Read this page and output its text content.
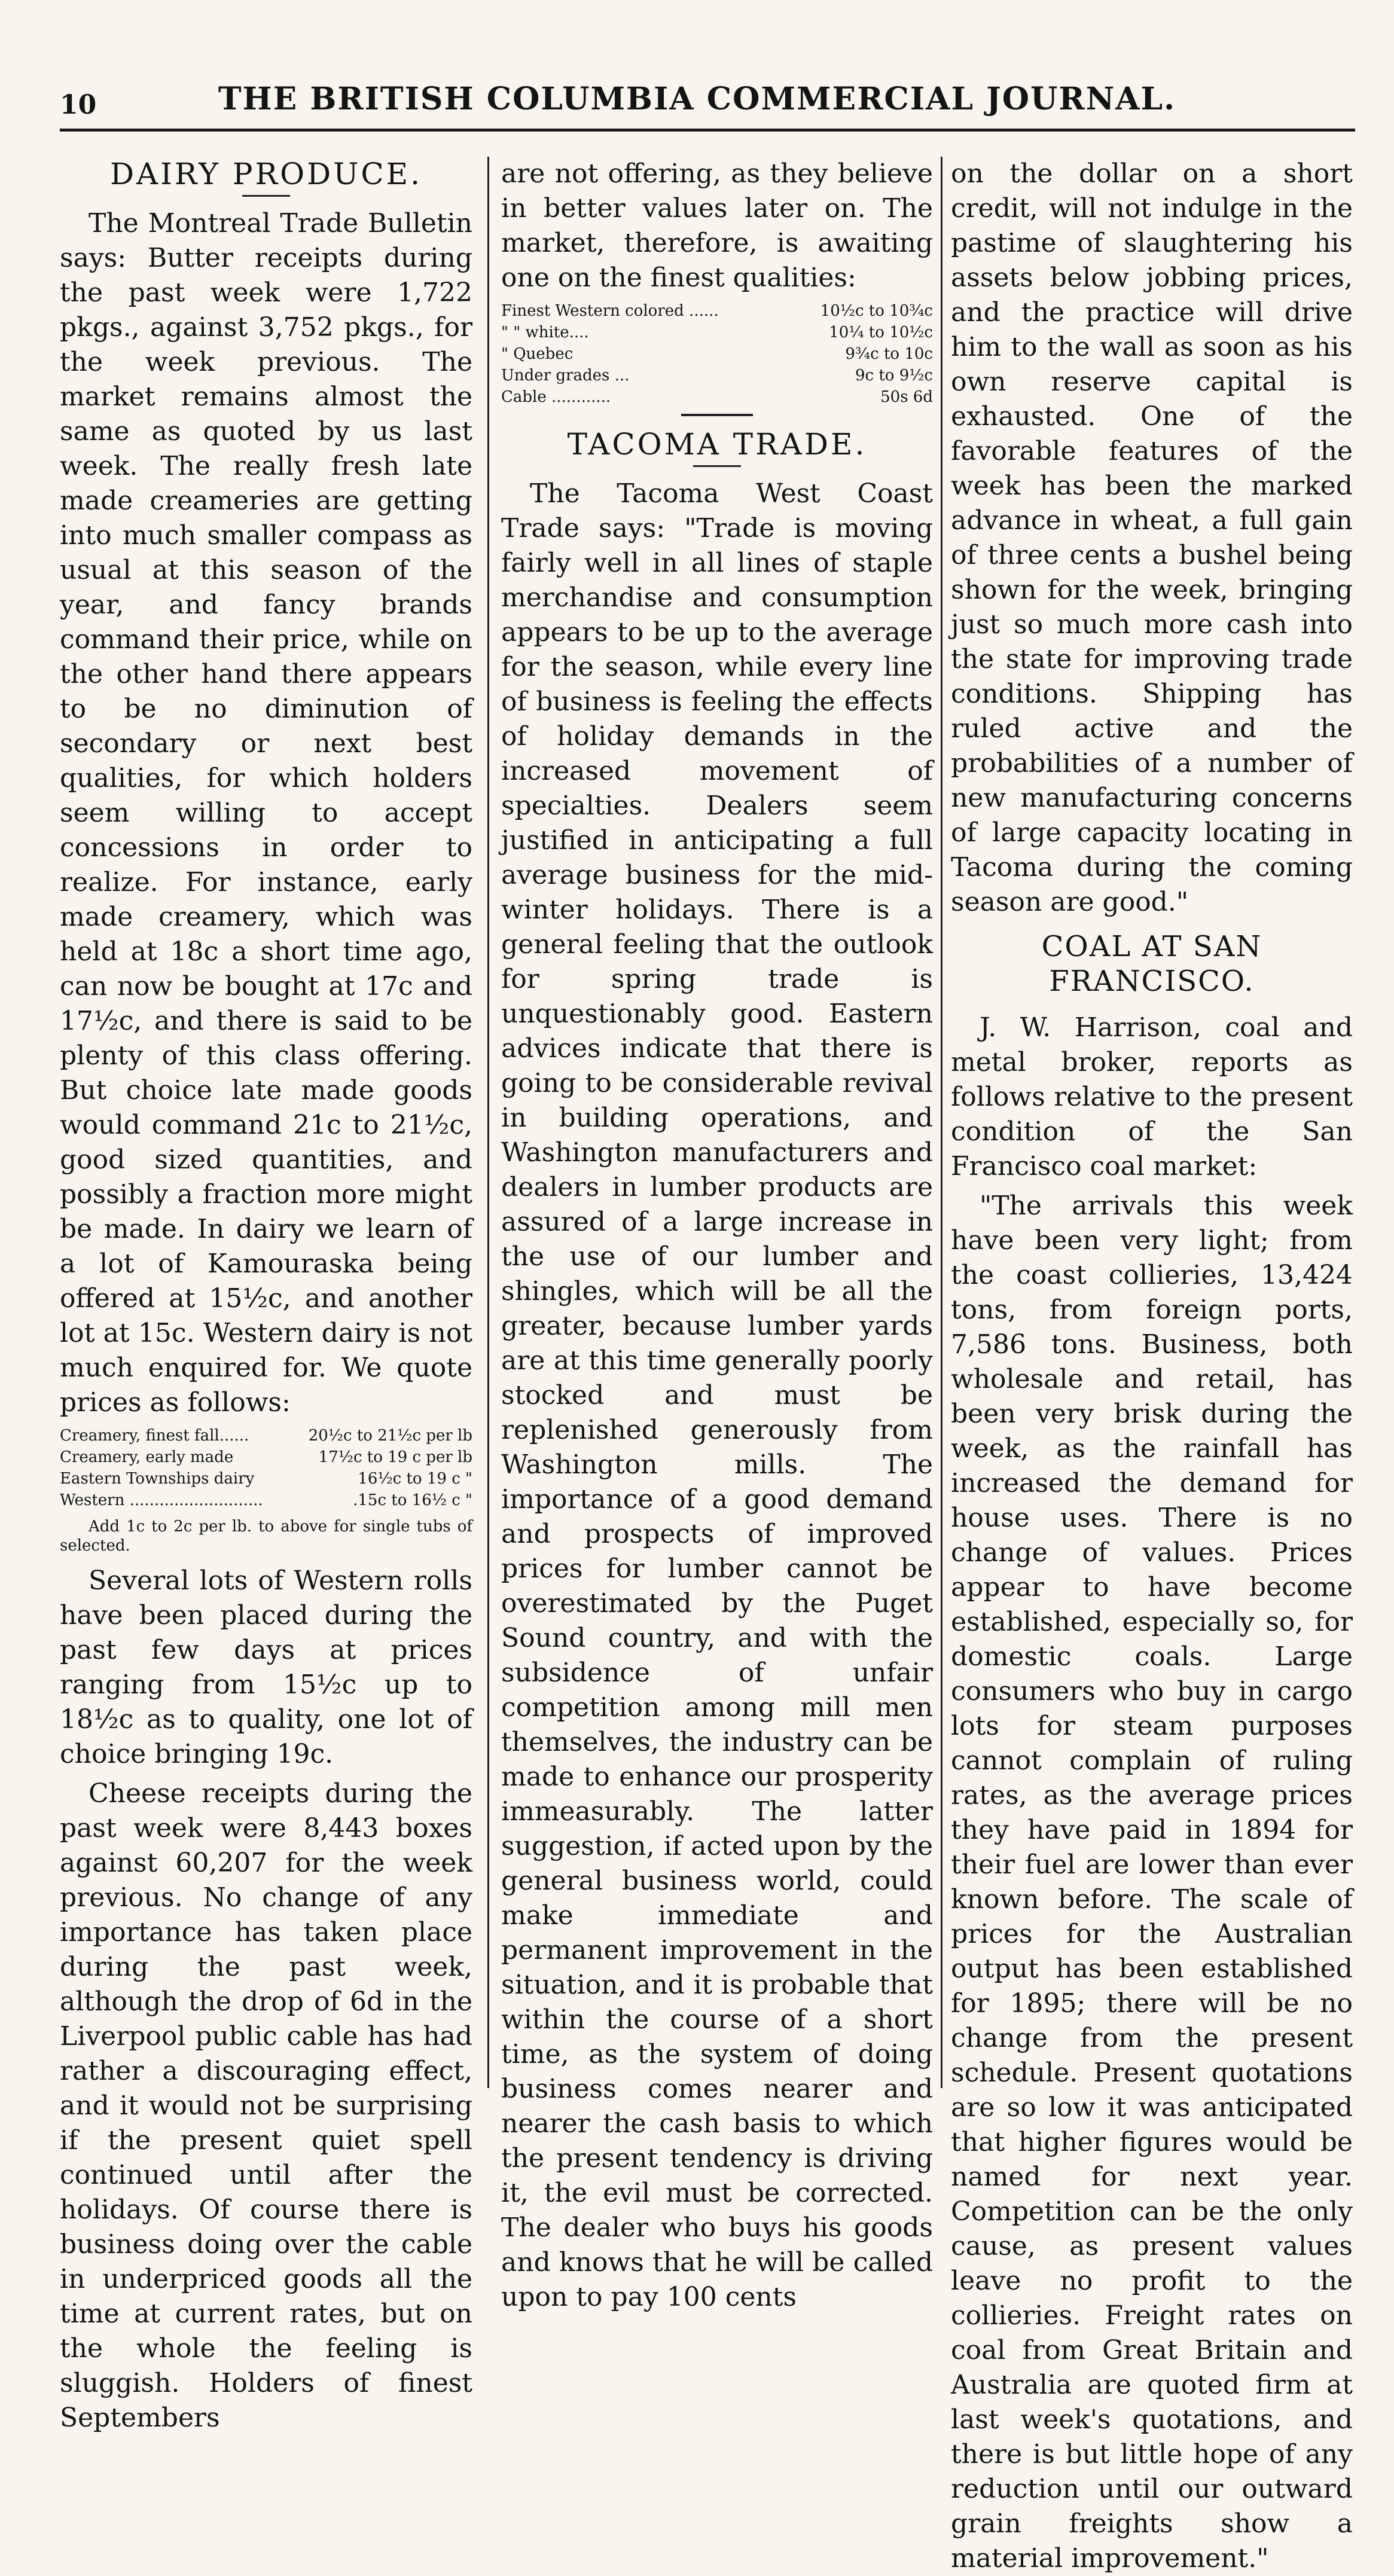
10	THE BRITISH COLUMBIA COMMERCIAL JOURNAL.
DAIRY PRODUCE.

The Montreal Trade Bulletin says: Butter receipts during the past week were 1,722 pkgs., against 3,752 pkgs., for the week previous. The market remains almost the same as quoted by us last week. The really fresh late made creameries are getting into much smaller compass as usual at this season of the year, and fancy brands command their price, while on the other hand there appears to be no diminution of secondary or next best qualities, for which holders seem willing to accept concessions in order to realize. For instance, early made creamery, which was held at 18c a short time ago, can now be bought at 17c and 17½c, and there is said to be plenty of this class offering. But choice late made goods would command 21c to 21½c, good sized quantities, and possibly a fraction more might be made. In dairy we learn of a lot of Kamouraska being offered at 15½c, and another lot at 15c. Western dairy is not much enquired for. We quote prices as follows:

Creamery, finest fall......	20½c to 21½c per lb
Creamery, early made	17½c to 19 c per lb
Eastern Townships dairy	16½c to 19 c "
Western ...........................	.15c to 16½ c "
Add 1c to 2c per lb. to above for single tubs of selected.

Several lots of Western rolls have been placed during the past few days at prices ranging from 15½c up to 18½c as to quality, one lot of choice bringing 19c.

Cheese receipts during the past week were 8,443 boxes against 60,207 for the week previous. No change of any importance has taken place during the past week, although the drop of 6d in the Liverpool public cable has had rather a discouraging effect, and it would not be surprising if the present quiet spell continued until after the holidays. Of course there is business doing over the cable in underpriced goods all the time at current rates, but on the whole the feeling is sluggish. Holders of finest Septembers

are not offering, as they believe in better values later on. The market, therefore, is awaiting one on the finest qualities:

Finest Western colored ......	10½c to 10¾c
" " white....	10¼ to 10½c
" Quebec	9¾c to 10c
Under grades ...	9c to 9½c
Cable ............	50s 6d
TACOMA TRADE.

The Tacoma West Coast Trade says: "Trade is moving fairly well in all lines of staple merchandise and consumption appears to be up to the average for the season, while every line of business is feeling the effects of holiday demands in the increased movement of specialties. Dealers seem justified in anticipating a full average business for the mid-winter holidays. There is a general feeling that the outlook for spring trade is unquestionably good. Eastern advices indicate that there is going to be considerable revival in building operations, and Washington manufacturers and dealers in lumber products are assured of a large increase in the use of our lumber and shingles, which will be all the greater, because lumber yards are at this time generally poorly stocked and must be replenished generously from Washington mills. The importance of a good demand and prospects of improved prices for lumber cannot be overestimated by the Puget Sound country, and with the subsidence of unfair competition among mill men themselves, the industry can be made to enhance our prosperity immeasurably. The latter suggestion, if acted upon by the general business world, could make immediate and permanent improvement in the situation, and it is probable that within the course of a short time, as the system of doing business comes nearer and nearer the cash basis to which the present tendency is driving it, the evil must be corrected. The dealer who buys his goods and knows that he will be called upon to pay 100 cents

on the dollar on a short credit, will not indulge in the pastime of slaughtering his assets below jobbing prices, and the practice will drive him to the wall as soon as his own reserve capital is exhausted. One of the favorable features of the week has been the marked advance in wheat, a full gain of three cents a bushel being shown for the week, bringing just so much more cash into the state for improving trade conditions. Shipping has ruled active and the probabilities of a number of new manufacturing concerns of large capacity locating in Tacoma during the coming season are good."

COAL AT SAN FRANCISCO.

J. W. Harrison, coal and metal broker, reports as follows relative to the present condition of the San Francisco coal market:

"The arrivals this week have been very light; from the coast collieries, 13,424 tons, from foreign ports, 7,586 tons. Business, both wholesale and retail, has been very brisk during the week, as the rainfall has increased the demand for house uses. There is no change of values. Prices appear to have become established, especially so, for domestic coals. Large consumers who buy in cargo lots for steam purposes cannot complain of ruling rates, as the average prices they have paid in 1894 for their fuel are lower than ever known before. The scale of prices for the Australian output has been established for 1895; there will be no change from the present schedule. Present quotations are so low it was anticipated that higher figures would be named for next year. Competition can be the only cause, as present values leave no profit to the collieries. Freight rates on coal from Great Britain and Australia are quoted firm at last week's quotations, and there is but little hope of any reduction until our outward grain freights show a material improvement."
